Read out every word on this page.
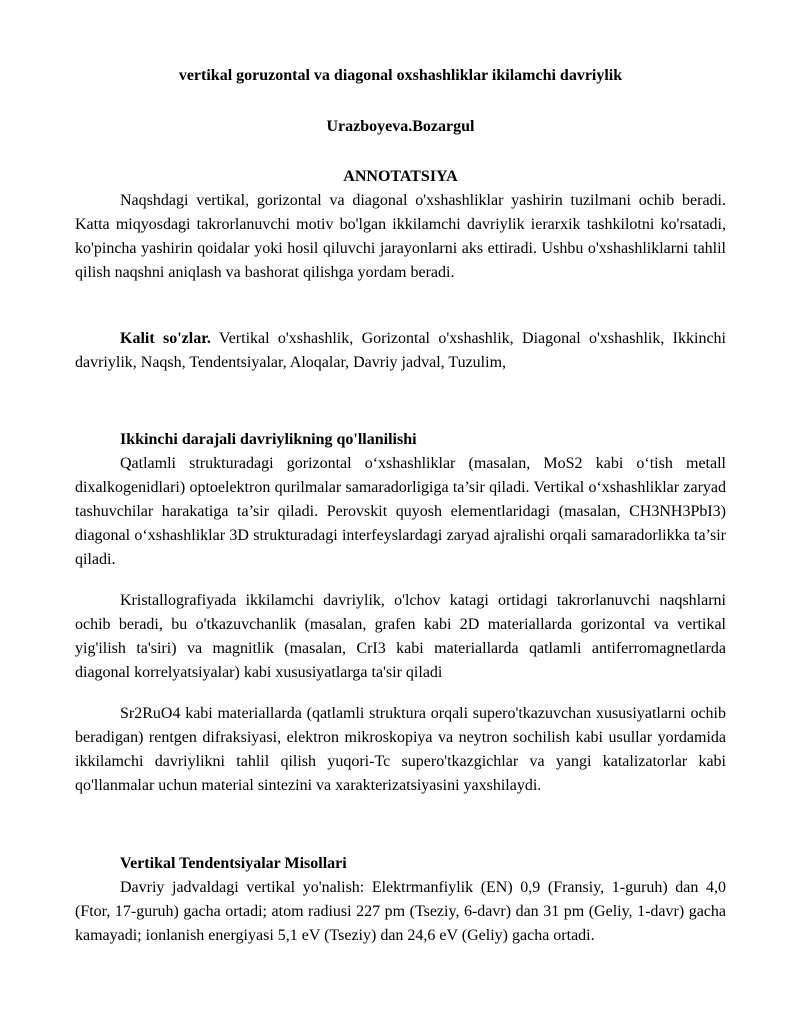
vertikal goruzontal va diagonal oxshashliklar ikilamchi davriylik
Urazboyeva.Bozargul
ANNOTATSIYA

Naqshdagi vertikal, gorizontal va diagonal o'xshashliklar yashirin tuzilmani ochib beradi. Katta miqyosdagi takrorlanuvchi motiv bo'lgan ikkilamchi davriylik ierarxik tashkilotni ko'rsatadi, ko'pincha yashirin qoidalar yoki hosil qiluvchi jarayonlarni aks ettiradi. Ushbu o'xshashliklarni tahlil qilish naqshni aniqlash va bashorat qilishga yordam beradi.

Kalit so'zlar. Vertikal o'xshashlik, Gorizontal o'xshashlik, Diagonal o'xshashlik, Ikkinchi davriylik, Naqsh, Tendentsiyalar, Aloqalar, Davriy jadval, Tuzulim,

Ikkinchi darajali davriylikning qo'llanilishi

Qatlamli strukturadagi gorizontal o‘xshashliklar (masalan, MoS2 kabi o‘tish metall dixalkogenidlari) optoelektron qurilmalar samaradorligiga ta’sir qiladi. Vertikal o‘xshashliklar zaryad tashuvchilar harakatiga ta’sir qiladi. Perovskit quyosh elementlaridagi (masalan, CH3NH3PbI3) diagonal o‘xshashliklar 3D strukturadagi interfeyslardagi zaryad ajralishi orqali samaradorlikka ta’sir qiladi.

Kristallografiyada ikkilamchi davriylik, o'lchov katagi ortidagi takrorlanuvchi naqshlarni ochib beradi, bu o'tkazuvchanlik (masalan, grafen kabi 2D materiallarda gorizontal va vertikal yig'ilish ta'siri) va magnitlik (masalan, CrI3 kabi materiallarda qatlamli antiferromagnetlarda diagonal korrelyatsiyalar) kabi xususiyatlarga ta'sir qiladi

Sr2RuO4 kabi materiallarda (qatlamli struktura orqali supero'tkazuvchan xususiyatlarni ochib beradigan) rentgen difraksiyasi, elektron mikroskopiya va neytron sochilish kabi usullar yordamida ikkilamchi davriylikni tahlil qilish yuqori-Tc supero'tkazgichlar va yangi katalizatorlar kabi qo'llanmalar uchun material sintezini va xarakterizatsiyasini yaxshilaydi.

Vertikal Tendentsiyalar Misollari

Davriy jadvaldagi vertikal yo'nalish: Elektrmanfiylik (EN) 0,9 (Fransiy, 1-guruh) dan 4,0 (Ftor, 17-guruh) gacha ortadi; atom radiusi 227 pm (Tseziy, 6-davr) dan 31 pm (Geliy, 1-davr) gacha kamayadi; ionlanish energiyasi 5,1 eV (Tseziy) dan 24,6 eV (Geliy) gacha ortadi.
